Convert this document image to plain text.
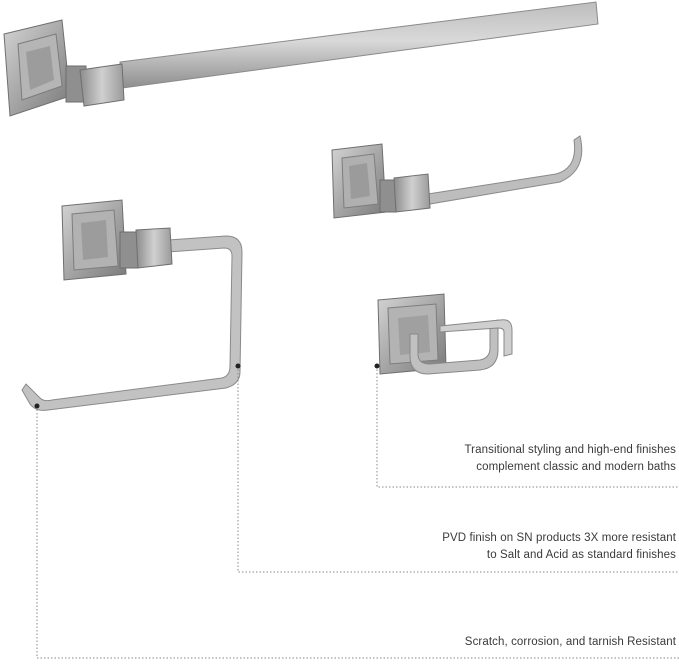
Transitional styling and high-end finishes
complement classic and modern baths
PVD finish on SN products 3X more resistant
to Salt and Acid as standard finishes
Scratch, corrosion, and tarnish Resistant
